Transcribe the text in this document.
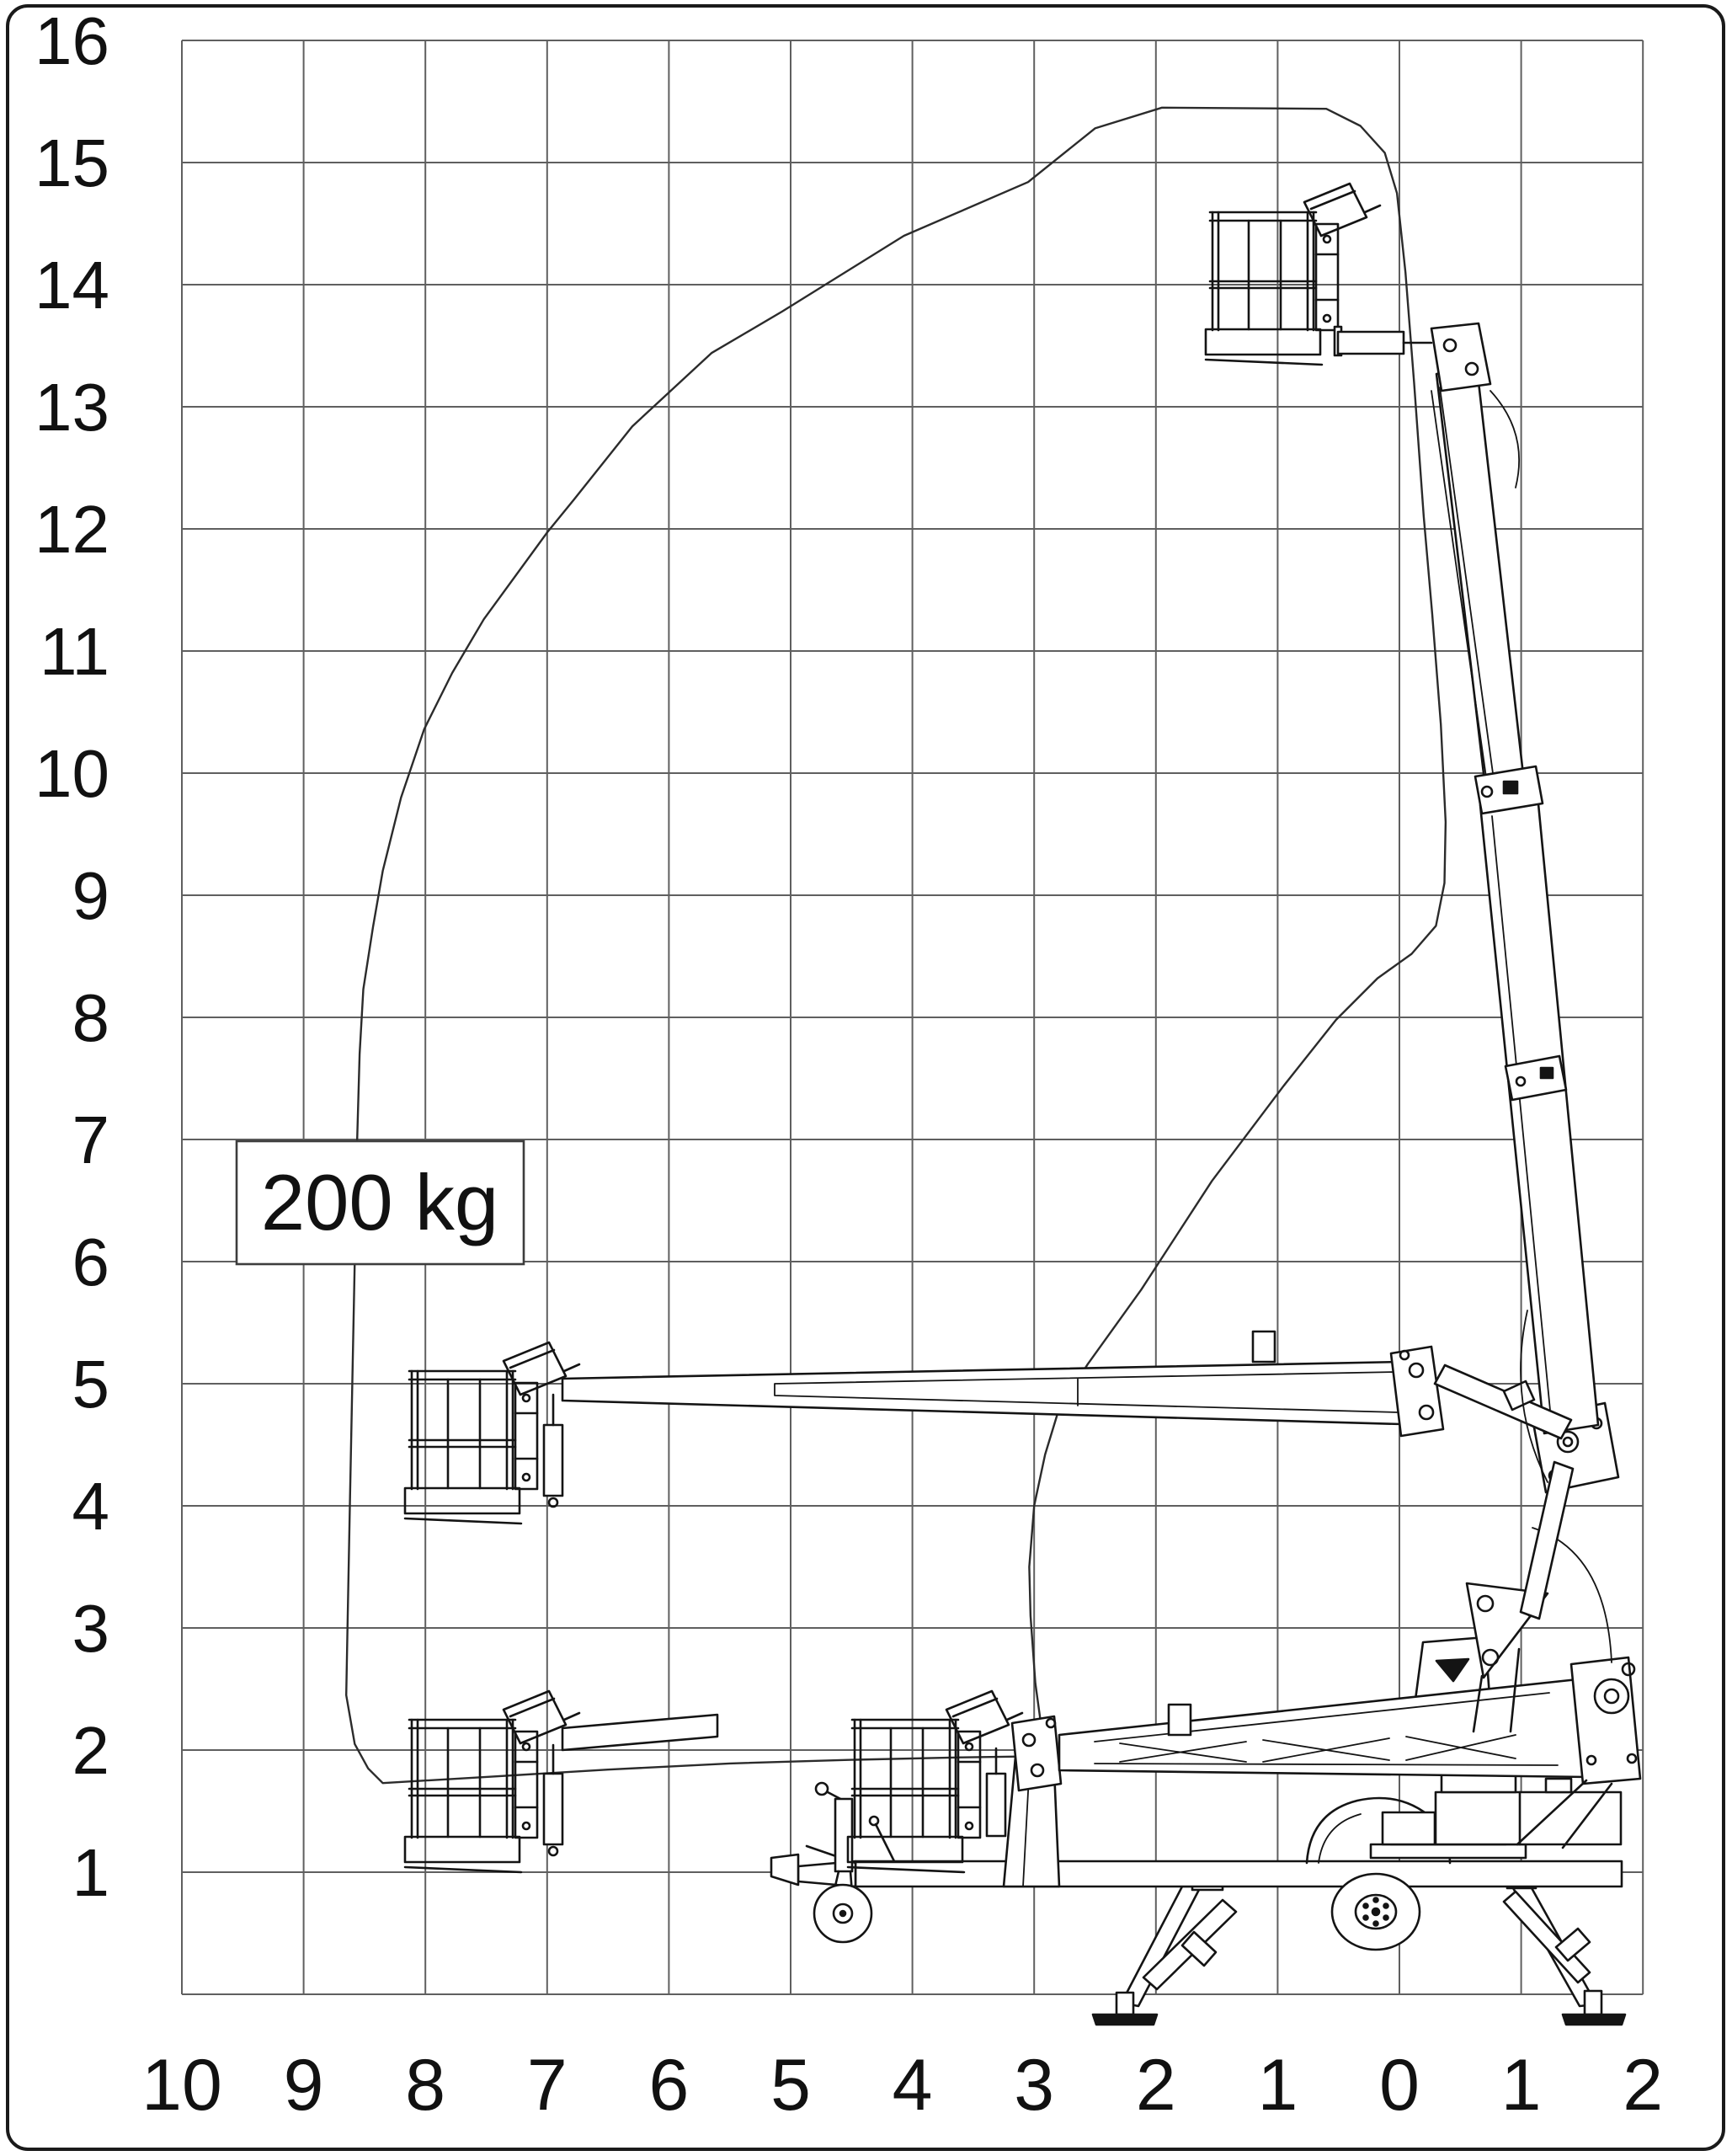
200 kg
16
15
14
13
12
11
10
9
8
7
6
5
4
3
2
1
10 9 8 7 6 5 4 3 2 1 0 1 2
